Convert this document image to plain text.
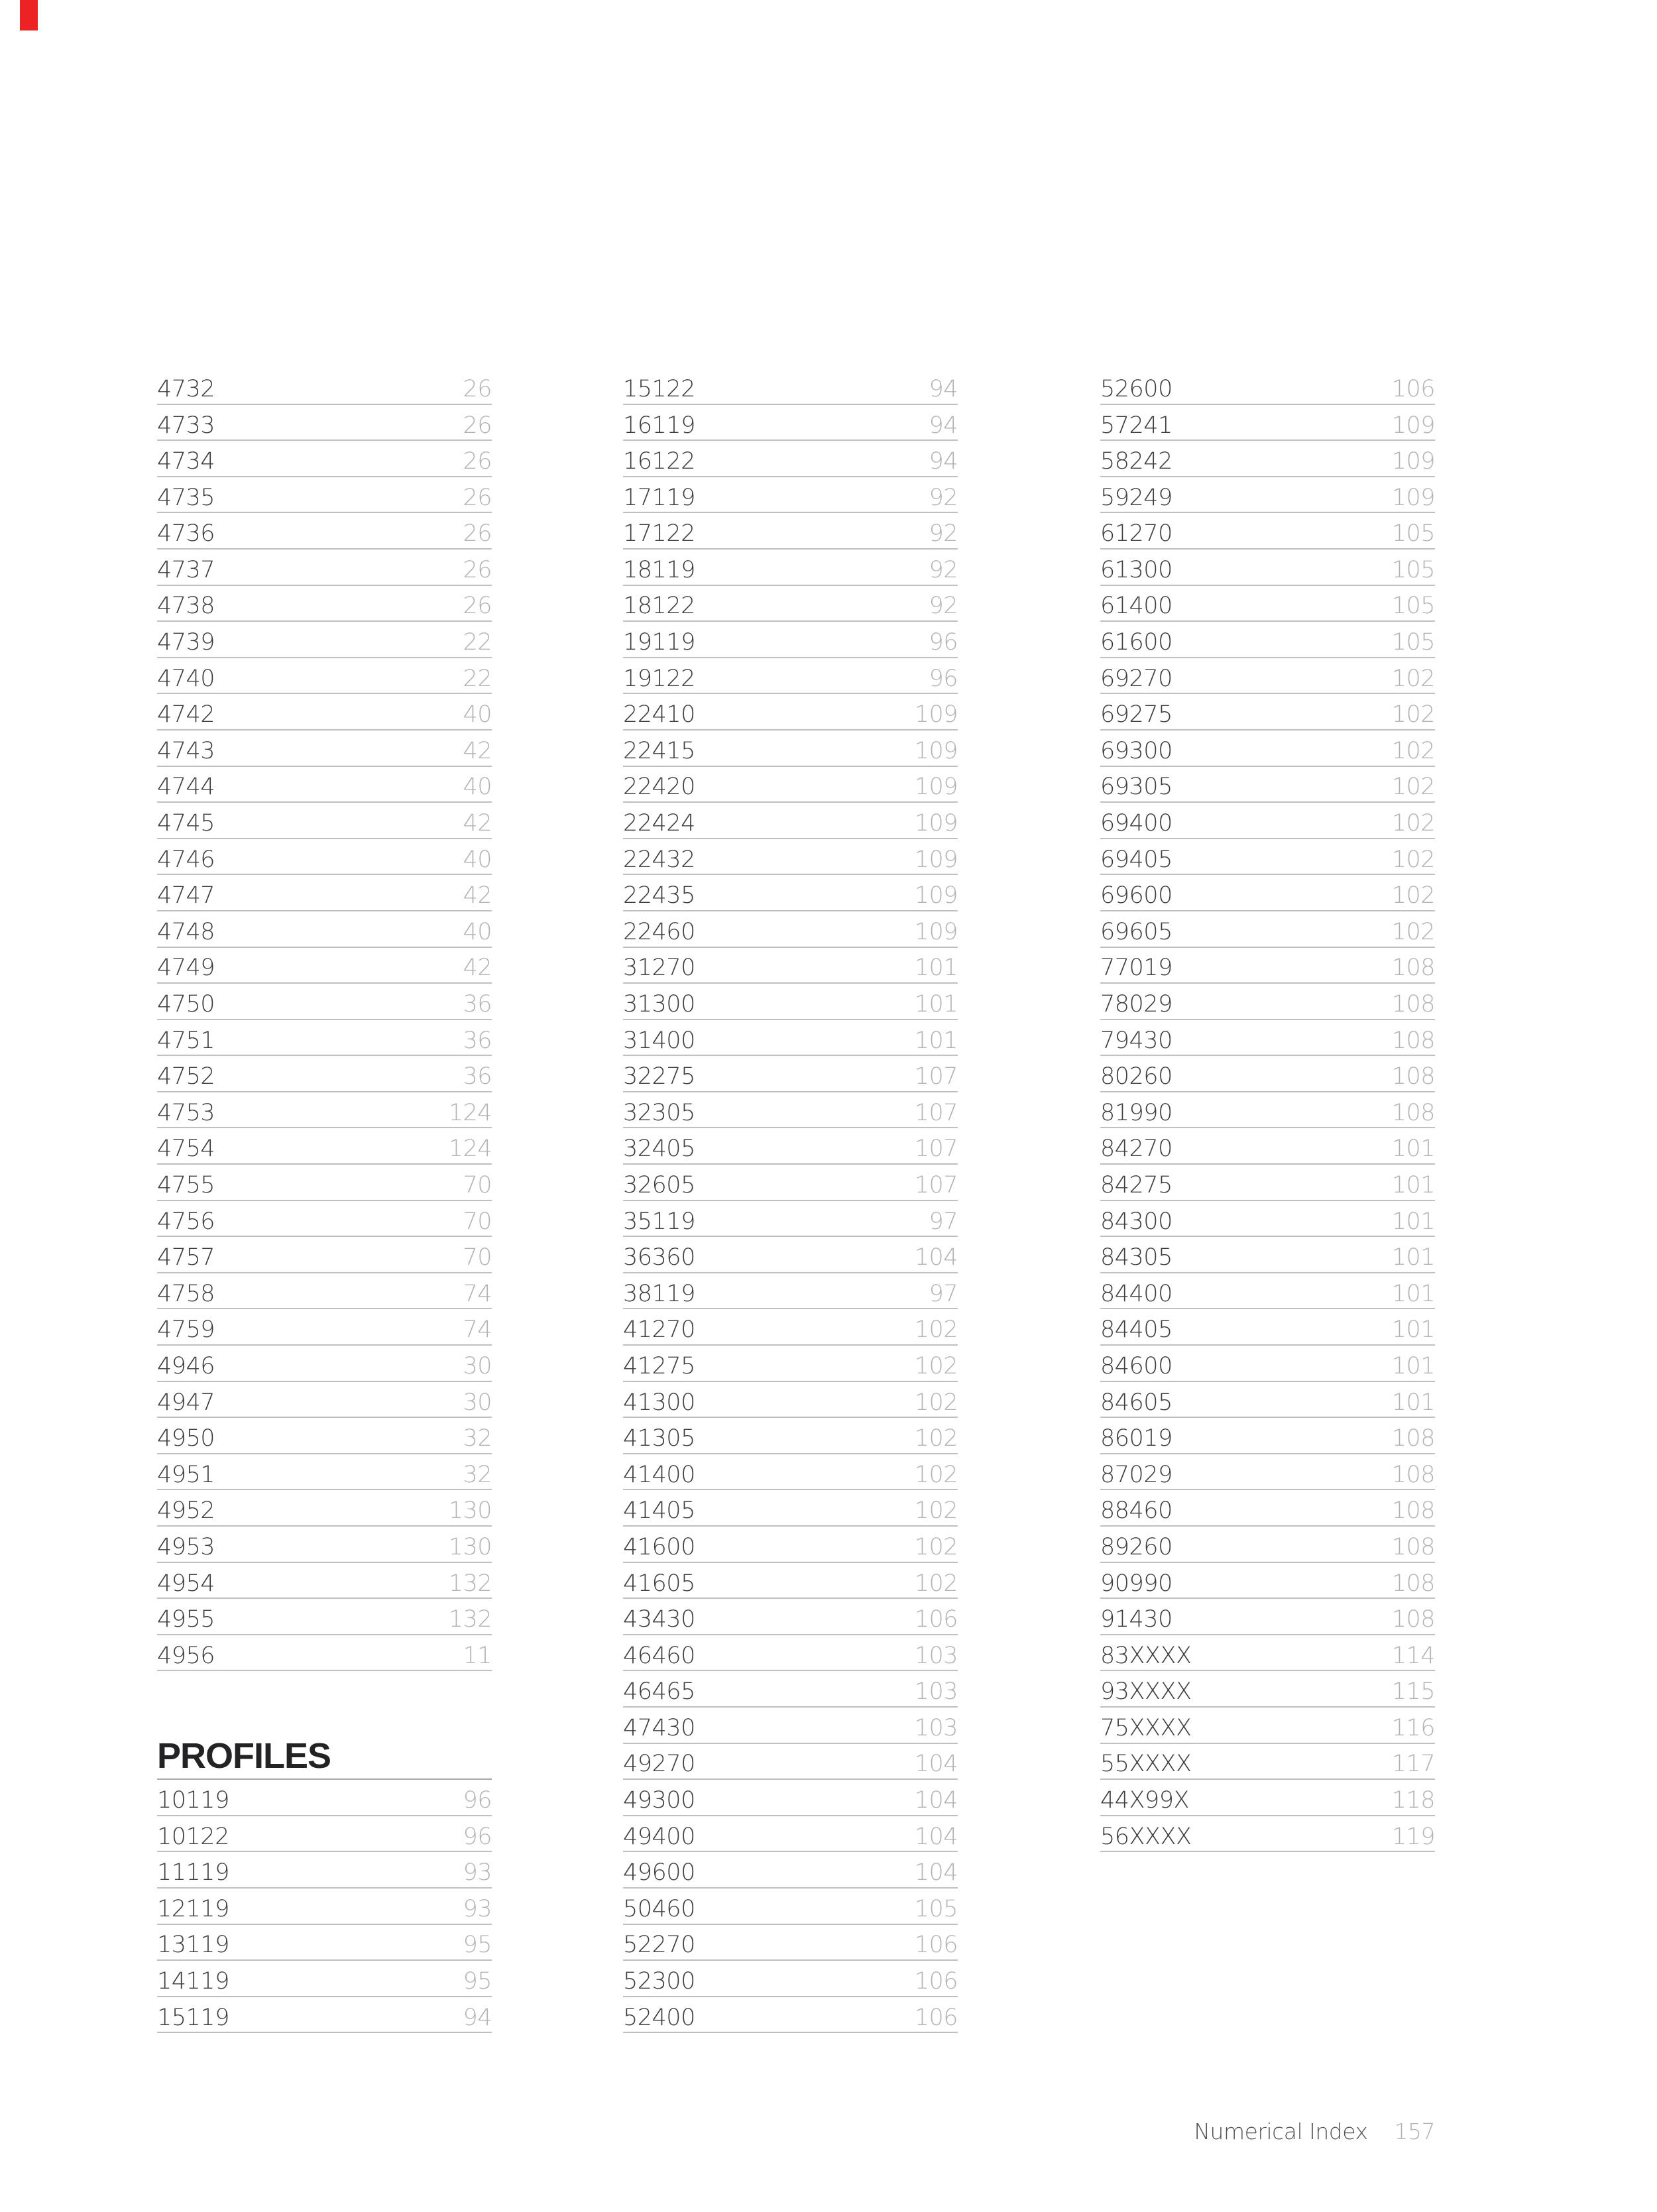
4732	26
4733	26
4734	26
4735	26
4736	26
4737	26
4738	26
4739	22
4740	22
4742	40
4743	42
4744	40
4745	42
4746	40
4747	42
4748	40
4749	42
4750	36
4751	36
4752	36
4753	124
4754	124
4755	70
4756	70
4757	70
4758	74
4759	74
4946	30
4947	30
4950	32
4951	32
4952	130
4953	130
4954	132
4955	132
4956	11
PROFILES
10119	96
10122	96
11119	93
12119	93
13119	95
14119	95
15119	94
15122	94
16119	94
16122	94
17119	92
17122	92
18119	92
18122	92
19119	96
19122	96
22410	109
22415	109
22420	109
22424	109
22432	109
22435	109
22460	109
31270	101
31300	101
31400	101
32275	107
32305	107
32405	107
32605	107
35119	97
36360	104
38119	97
41270	102
41275	102
41300	102
41305	102
41400	102
41405	102
41600	102
41605	102
43430	106
46460	103
46465	103
47430	103
49270	104
49300	104
49400	104
49600	104
50460	105
52270	106
52300	106
52400	106
52600	106
57241	109
58242	109
59249	109
61270	105
61300	105
61400	105
61600	105
69270	102
69275	102
69300	102
69305	102
69400	102
69405	102
69600	102
69605	102
77019	108
78029	108
79430	108
80260	108
81990	108
84270	101
84275	101
84300	101
84305	101
84400	101
84405	101
84600	101
84605	101
86019	108
87029	108
88460	108
89260	108
90990	108
91430	108
83XXXX	114
93XXXX	115
75XXXX	116
55XXXX	117
44X99X	118
56XXXX	119
Numerical Index 157
